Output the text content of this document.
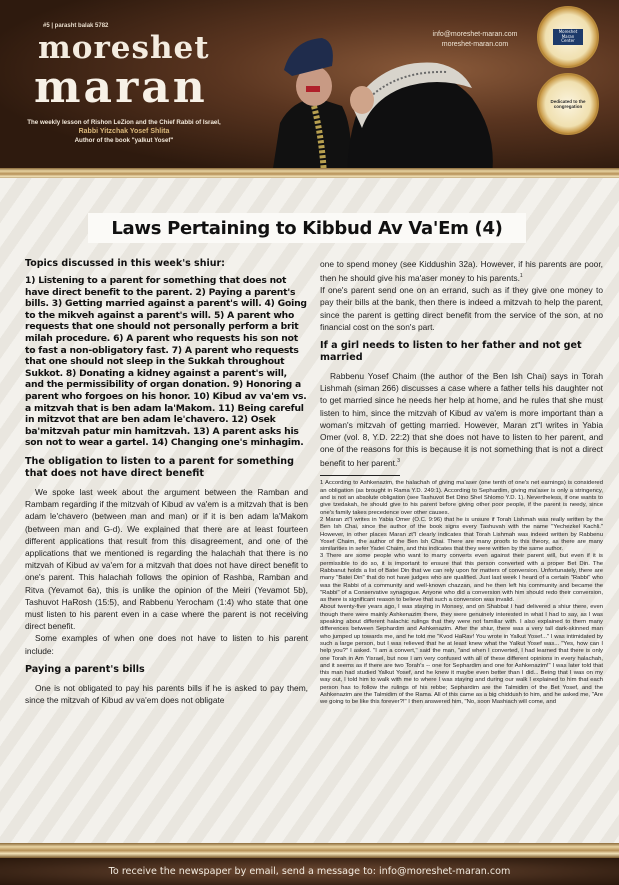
#5 | parasht balak 5782
moreshet
maran
The weekly lesson of Rishon LeZion and the Chief Rabbi of Israel,
Rabbi Yitzchak Yosef Shlita
Author of the book "yalkut Yosef"
info@moreshet-maran.com
moreshet-maran.com
Moreshet Maran Center
Dedicated to the congregation
Laws Pertaining to Kibbud Av Va'Em (4)
Topics discussed in this week's shiur:
1) Listening to a parent for something that does not have direct benefit to the parent. 2) Paying a parent's bills. 3) Getting married against a parent's will. 4) Going to the mikveh against a parent's will. 5) A parent who requests that one should not personally perform a brit milah procedure. 6) A parent who requests his son not to fast a non-obligatory fast. 7) A parent who requests that one should not sleep in the Sukkah throughout Sukkot. 8) Donating a kidney against a parent's will, and the permissibility of organ donation. 9) Honoring a parent who forgoes on his honor. 10) Kibud av va'em vs. a mitzvah that is ben adam la'Makom. 11) Being careful in mitzvot that are ben adam le'chavero. 12) Osek ba'mitzvah patur min hamitzvah. 13) A parent asks his son not to wear a gartel. 14) Changing one's minhagim.
The obligation to listen to a parent for something that does not have direct benefit

We spoke last week about the argument between the Ramban and Rambam regarding if the mitzvah of Kibud av va'em is a mitzvah that is ben adam le'chavero (between man and man) or if it is ben adam la'Makom (between man and G-d). We explained that there are at least fourteen different applications that result from this disagreement, and one of the applications that we mentioned is regarding the halachah that there is no mitzvah of Kibud av va'em for a mitzvah that does not have direct benefit to one's parent. This halachah follows the opinion of Rashba, Ramban and Ritva (Yevamot 6a), this is unlike the opinion of the Meiri (Yevamot 5b), Tashuvot HaRosh (15:5), and Rabbenu Yerocham (1:4) who state that one must listen to his parent even in a case where the parent is not receiving direct benefit.

Some examples of when one does not have to listen to his parent include:

Paying a parent's bills

One is not obligated to pay his parents bills if he is asked to pay them, since the mitzvah of Kibud av va'em does not obligate

one to spend money (see Kiddushin 32a). However, if his parents are poor, then he should give his ma'aser money to his parents.$^1$

If one's parent send one on an errand, such as if they give one money to pay their bills at the bank, then there is indeed a mitzvah to help the parent, since the parent is getting direct benefit from the service of the son, at no financial cost on the son's part.

If a girl needs to listen to her father and not get married

Rabbenu Yosef Chaim (the author of the Ben Ish Chai) says in Torah Lishmah (siman 266) discusses a case where a father tells his daughter not to get married since he needs her help at home, and he rules that she must listen to him, since the mitzvah of Kibud av va'em is more important than a woman's mitzvah of getting married. However, Maran zt"l writes in Yabia Omer (vol. 8, Y.D. 22:2) that she does not have to listen to her parent, and one of the reasons for this is because it is not something that is not a direct benefit to her parent.$^3$

1 According to Ashkenazim, the halachah of giving ma'aser (one tenth of one's net earnings) is considered an obligation (as brought in Rama Y.D. 249:1). According to Sephardim, giving ma'aser is only a stringency, and is not an absolute obligation (see Tashuvot Bet Dino Shel Shlomo Y.D. 1). Nevertheless, if one wants to give tzedakah, he should give to his parent before giving other poor people, if the parent is needy, since one's family takes precedence over other causes.

2 Maran zt"l writes in Yabia Omer (O.C. 9:96) that he is unsure if Torah Lishmah was really written by the Ben Ish Chai, since the author of the book signs every Tashuvah with the name "Yechezkel Kachli." However, in other places Maran zt"l clearly indicates that Torah Lishmah was indeed written by Rabbenu Yosef Chaim, the author of the Ben Ish Chai. There are many proofs to this theory, as there are many similarities in sefer Yadei Chaim, and this indicates that they were written by the same author.

3 There are some people who want to marry converts even against their parent will, but even if it is permissible to do so, it is important to ensure that this person converted with a proper Bet Din. The Rabbanut holds a list of Batei Din that we can rely upon for matters of conversion. Unfortunately, there are many "Batei Din" that do not have judges who are qualified. Just last week I heard of a certain "Rabbi" who was the Rabbi of a community and well-known chazzan, and he then left his community and became the "Rabbi" of a Conservative synagogue. Anyone who did a conversion with him should redo their conversion, as there is significant reason to believe that such a conversion was invalid.

About twenty-five years ago, I was staying in Monsey, and on Shabbat I had delivered a shiur there, even though there were mainly Ashkenazim there, they were genuinely interested in what I had to say, as I was speaking about different halachic rulings that they were not familiar with. I also explained to them many differences between Sephardim and Ashkenazim. After the shiur, there was a very tall dark-skinned man who jumped up towards me, and he told me "Kvod HaRav! You wrote in Yalkut Yosef..." I was intimidated by such a large person, but I was relieved that he at least knew what the Yalkut Yosef was... "Yes, how can I help you?" I asked. "I am a convert," said the man, "and when I converted, I had learned that there is only one Torah in Am Yisrael, but now I am very confused with all of these different opinions in every halachah, and it seems as if there are two Torah's -- one for Sephardim and one for Ashkenazim!" I was later told that this man had studied Yalkut Yosef, and he knew it maybe even better than I did... Being that I was on my way out, I told him to walk with me to where I was staying and during our walk I explained to him that each person has to follow the rulings of his rebbe; Sephardim are the Talmidim of the Bet Yosef, and the Ashkenazim are the Talmidim of the Rama. All of this came as a big chiddush to him, and he asked me, "Are we going to be like this forever?!" I then answered him, "No, soon Mashiach will come, and

To receive the newspaper by email, send a message to: info@moreshet-maran.com
